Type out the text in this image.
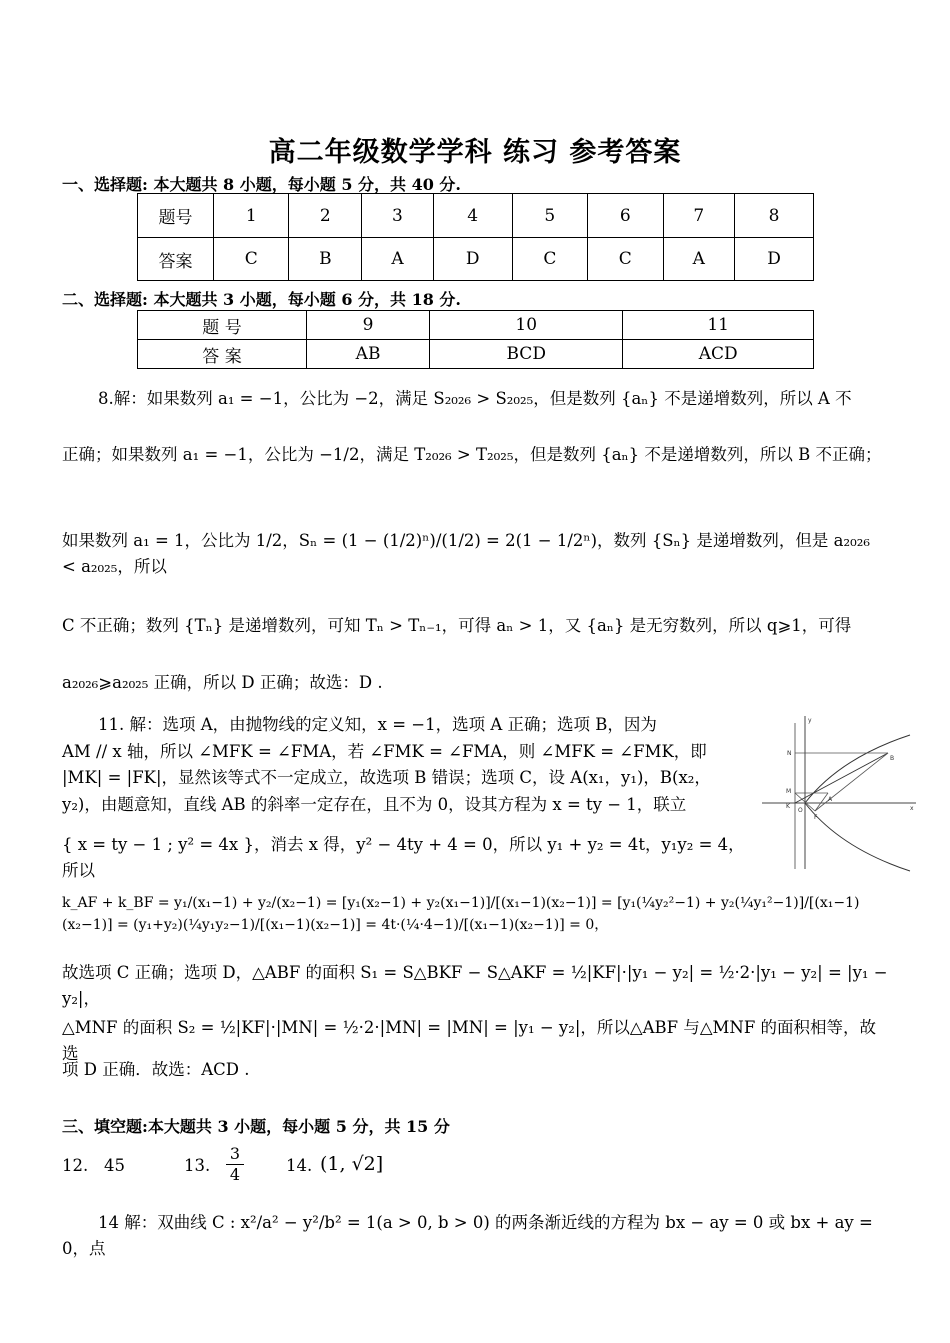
高二年级数学学科 练习 参考答案
一、选择题: 本大题共 8 小题，每小题 5 分，共 40 分.
题号	1	2	3	4	5	6	7	8
答案	C	B	A	D	C	C	A	D
二、选择题: 本大题共 3 小题，每小题 6 分，共 18 分.
题 号	9	10	11
答 案	AB	BCD	ACD
8.解：如果数列 a₁ = −1，公比为 −2，满足 S₂₀₂₆ > S₂₀₂₅，但是数列 {aₙ} 不是递增数列，所以 A 不
正确；如果数列 a₁ = −1，公比为 −1/2，满足 T₂₀₂₆ > T₂₀₂₅，但是数列 {aₙ} 不是递增数列，所以 B 不正确；
如果数列 a₁ = 1，公比为 1/2，Sₙ = (1 − (1/2)ⁿ)/(1/2) = 2(1 − 1/2ⁿ)，数列 {Sₙ} 是递增数列，但是 a₂₀₂₆ < a₂₀₂₅，所以
C 不正确；数列 {Tₙ} 是递增数列，可知 Tₙ > Tₙ₋₁，可得 aₙ > 1，又 {aₙ} 是无穷数列，所以 q⩾1，可得
a₂₀₂₆⩾a₂₀₂₅ 正确，所以 D 正确；故选：D .
11. 解：选项 A，由抛物线的定义知，x = −1，选项 A 正确；选项 B，因为
AM // x 轴，所以 ∠MFK = ∠FMA，若 ∠FMK = ∠FMA，则 ∠MFK = ∠FMK，即
|MK| = |FK|，显然该等式不一定成立，故选项 B 错误；选项 C，设 A(x₁，y₁)，B(x₂，
y₂)，由题意知，直线 AB 的斜率一定存在，且不为 0，设其方程为 x = ty − 1，联立
{ x = ty − 1 ; y² = 4x }，消去 x 得，y² − 4ty + 4 = 0，所以 y₁ + y₂ = 4t，y₁y₂ = 4，所以
k_AF + k_BF = y₁/(x₁−1) + y₂/(x₂−1) = [y₁(x₂−1) + y₂(x₁−1)]/[(x₁−1)(x₂−1)] = [y₁(¼y₂²−1) + y₂(¼y₁²−1)]/[(x₁−1)(x₂−1)] = (y₁+y₂)(¼y₁y₂−1)/[(x₁−1)(x₂−1)] = 4t·(¼·4−1)/[(x₁−1)(x₂−1)] = 0，
故选项 C 正确；选项 D，△ABF 的面积 S₁ = S△BKF − S△AKF = ½|KF|·|y₁ − y₂| = ½·2·|y₁ − y₂| = |y₁ − y₂|，
△MNF 的面积 S₂ = ½|KF|·|MN| = ½·2·|MN| = |MN| = |y₁ − y₂|，所以△ABF 与△MNF 的面积相等，故选
项 D 正确．故选：ACD .
y
N
B
M
A
K
O
F
x
三、填空题:本大题共 3 小题，每小题 5 分，共 15 分
12. 45	13. $\frac{3}{4}$	14. (1, √2]
14 解：双曲线 C : x²/a² − y²/b² = 1(a > 0, b > 0) 的两条渐近线的方程为 bx − ay = 0 或 bx + ay = 0，点
